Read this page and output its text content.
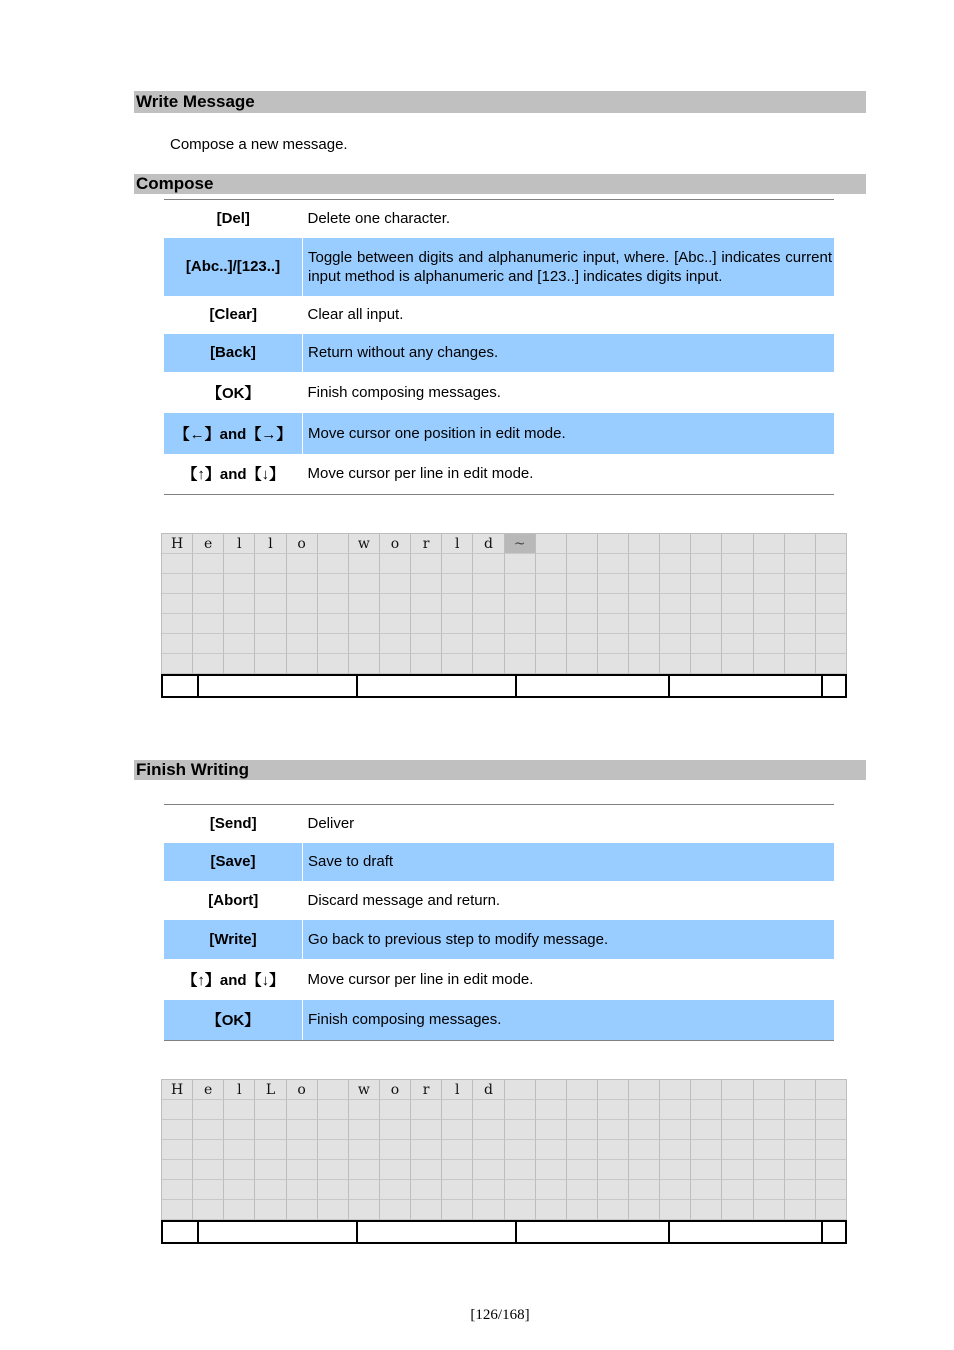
Write Message
Compose a new message.
Compose
[Del]	Delete one character.
[Abc..]/[123..]	Toggle between digits and alphanumeric input, where. [Abc..] indicates current input method is alphanumeric and [123..] indicates digits input.
[Clear]	Clear all input.
[Back]	Return without any changes.
【OK】	Finish composing messages.
【←】and【→】	Move cursor one position in edit mode.
【↑】and【↓】	Move cursor per line in edit mode.
H	e	l	l	o	w	o	r	l	d	~
Finish Writing
[Send]	Deliver
[Save]	Save to draft
[Abort]	Discard message and return.
[Write]	Go back to previous step to modify message.
【↑】and【↓】	Move cursor per line in edit mode.
【OK】	Finish composing messages.
H	e	l	L	o	w	o	r	l	d
[126/168]
